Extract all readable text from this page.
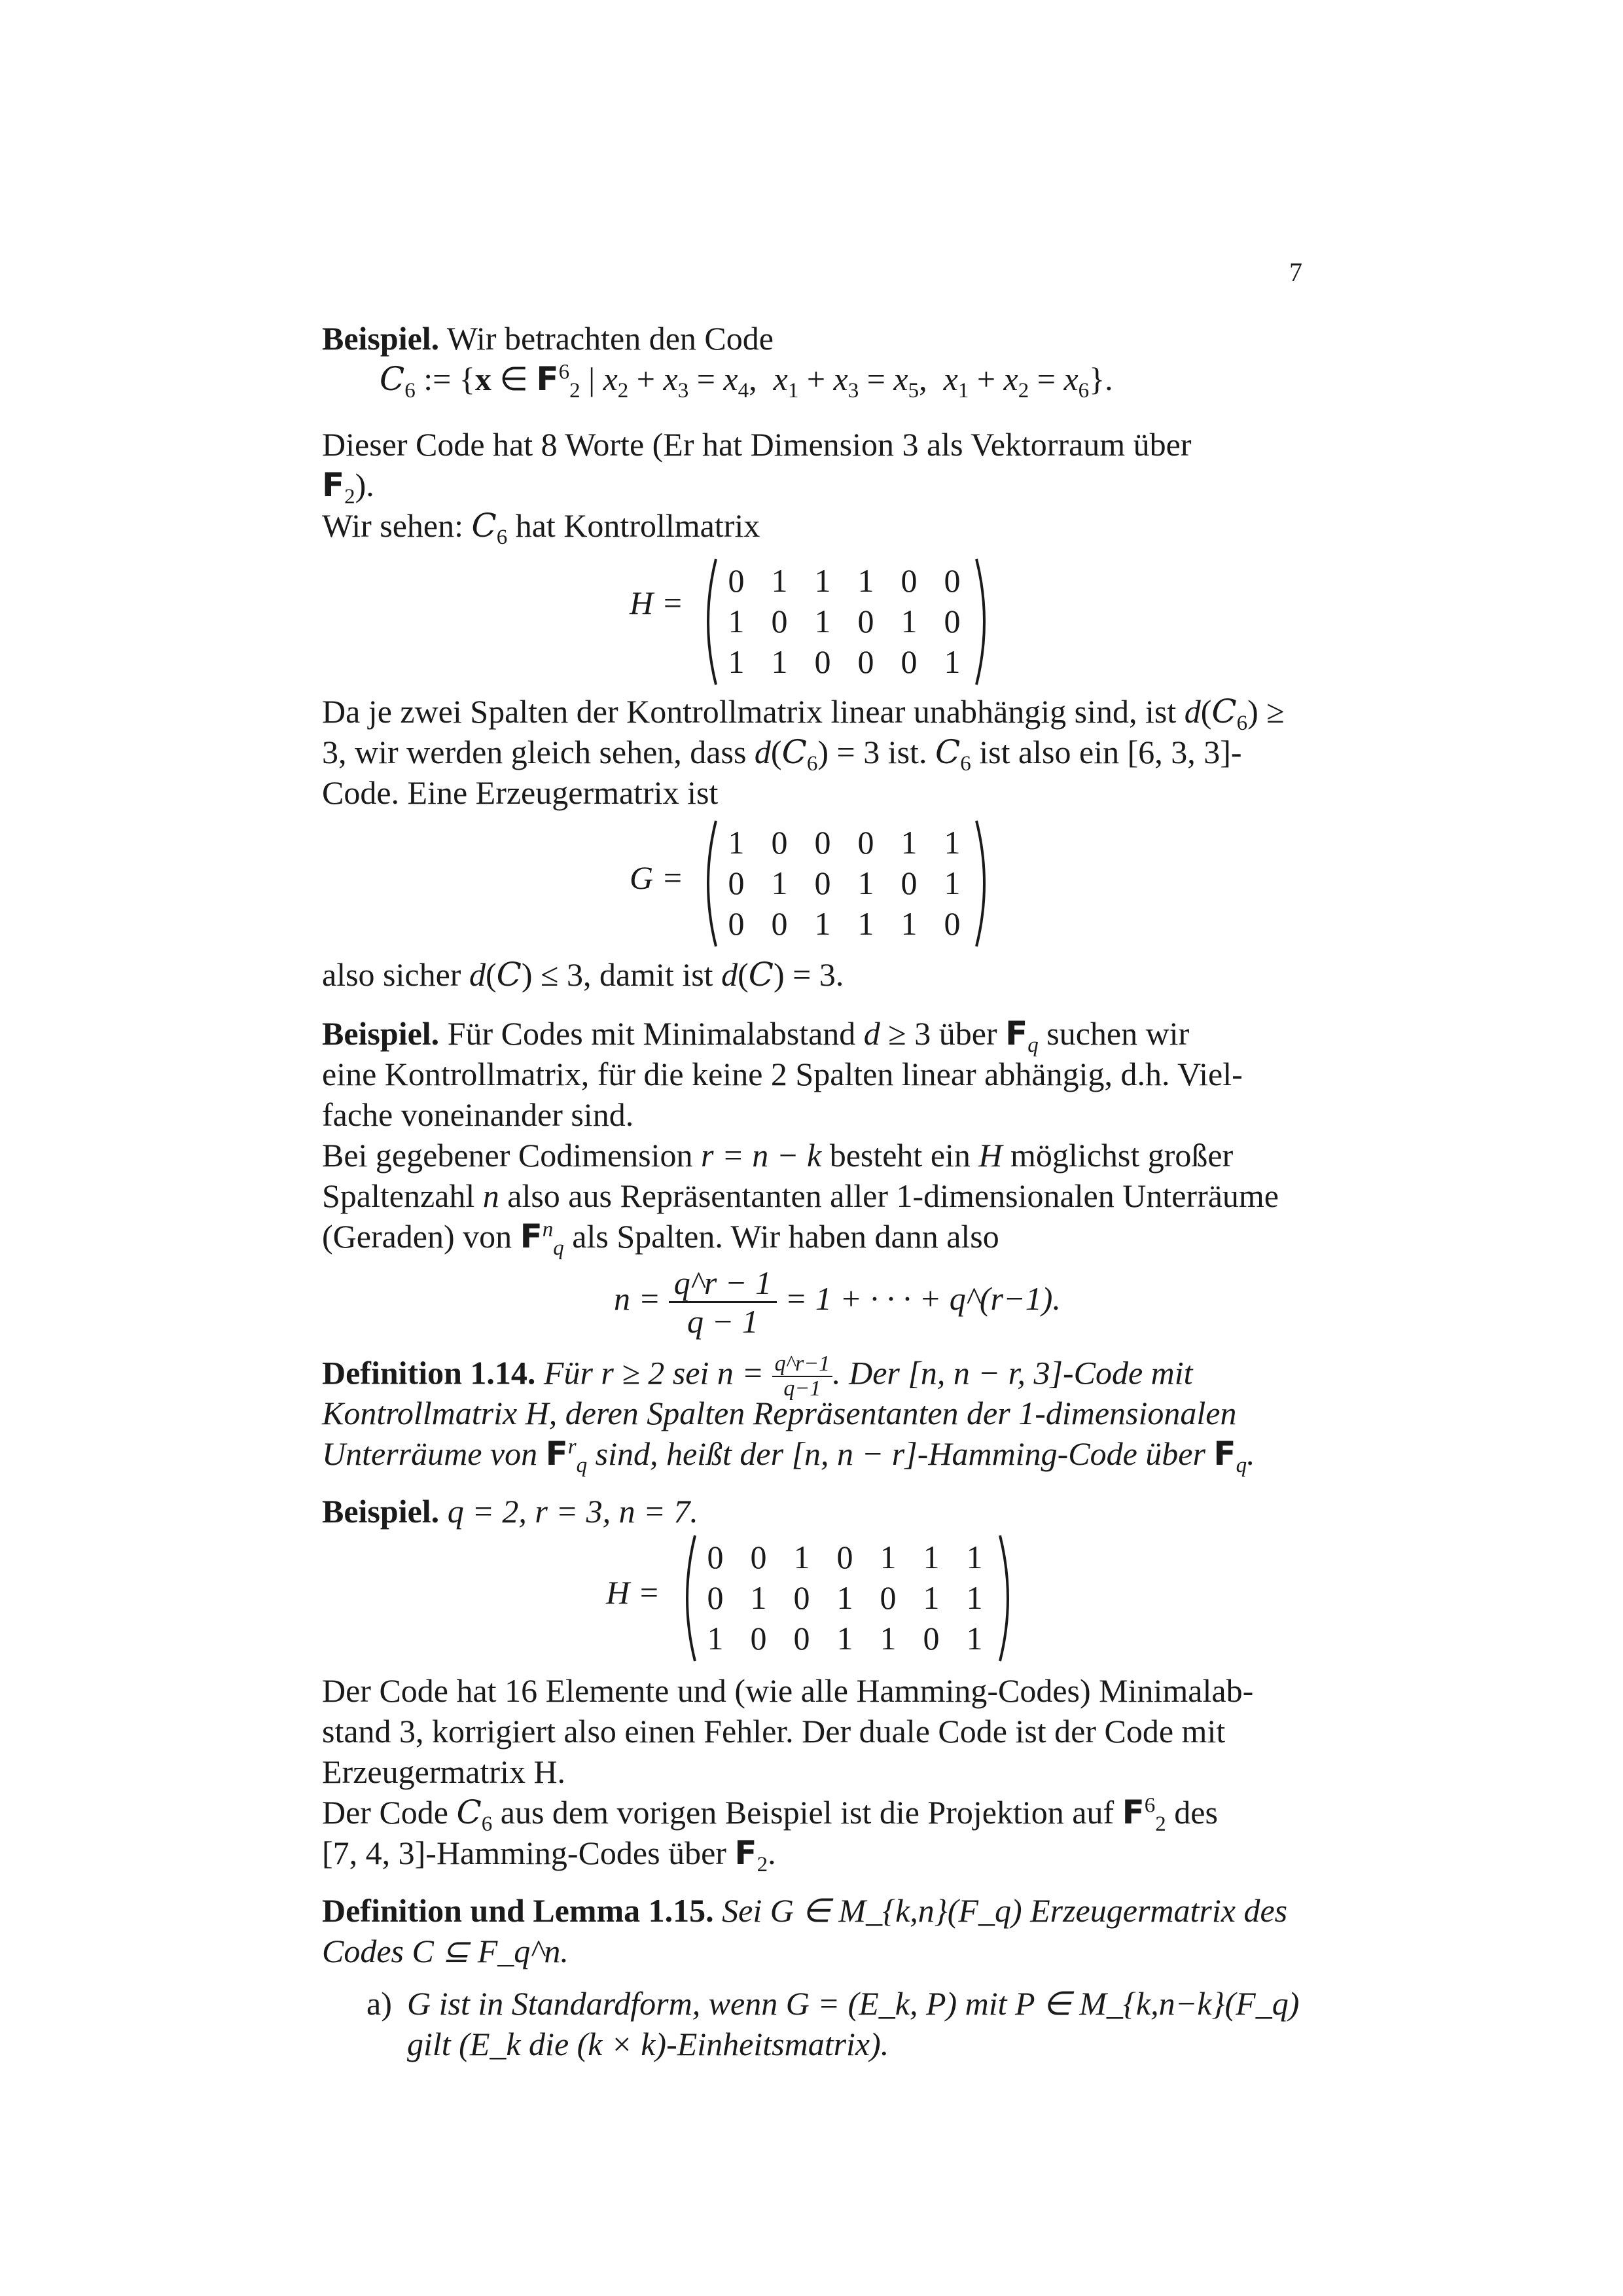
7
Beispiel. Wir betrachten den Code
$C_6$ := {x ∈ $F^6_2$ | $x_2 + x_3 = x_4$,  $x_1 + x_3 = x_5$,  $x_1 + x_2 = x_6$}.
Dieser Code hat 8 Worte (Er hat Dimension 3 als Vektorraum über
$F_2$).
Wir sehen: $C_6$ hat Kontrollmatrix
H =
0	1	1	1	0	0
1	0	1	0	1	0
1	1	0	0	0	1
Da je zwei Spalten der Kontrollmatrix linear unabhängig sind, ist $d(C_6)$ ≥
3, wir werden gleich sehen, dass $d(C_6) = 3$ ist. $C_6$ ist also ein [6, 3, 3]-
Code. Eine Erzeugermatrix ist
G =
1	0	0	0	1	1
0	1	0	1	0	1
0	0	1	1	1	0
also sicher d(C) ≤ 3, damit ist d(C) = 3.
Beispiel. Für Codes mit Minimalabstand d ≥ 3 über $F_q$ suchen wir
eine Kontrollmatrix, für die keine 2 Spalten linear abhängig, d.h. Viel-
fache voneinander sind.
Bei gegebener Codimension r = n − k besteht ein H möglichst großer
Spaltenzahl n also aus Repräsentanten aller 1-dimensionalen Unterräume
(Geraden) von $F^n_q$ als Spalten. Wir haben dann also
$n = \frac{q\^{}r - 1}{q - 1} = 1$ + · · · + q^(r−1).
Definition 1.14. Für r ≥ 2 sei $n = \frac{q\^{}r-1}{q-1}$ . Der [n, n − r, 3]-Code mit
Kontrollmatrix H, deren Spalten Repräsentanten der 1-dimensionalen
Unterräume von $F^r_q$ sind, heißt der [n, n − r]-Hamming-Code über $F_q$.
Beispiel. q = 2, r = 3, n = 7.
H =
0	0	1	0	1	1	1
0	1	0	1	0	1	1
1	0	0	1	1	0	1
Der Code hat 16 Elemente und (wie alle Hamming-Codes) Minimalab-
stand 3, korrigiert also einen Fehler. Der duale Code ist der Code mit
Erzeugermatrix H.
Der Code $C_6$ aus dem vorigen Beispiel ist die Projektion auf $F^6_2$ des
[7, 4, 3]-Hamming-Codes über $F_2$.
Definition und Lemma 1.15. Sei G ∈ M_{k,n}(F_q) Erzeugermatrix des
Codes C ⊆ F_q^n.
a) G ist in Standardform, wenn G = (E_k, P) mit P ∈ M_{k,n−k}(F_q)
gilt (E_k die (k × k)-Einheitsmatrix).
